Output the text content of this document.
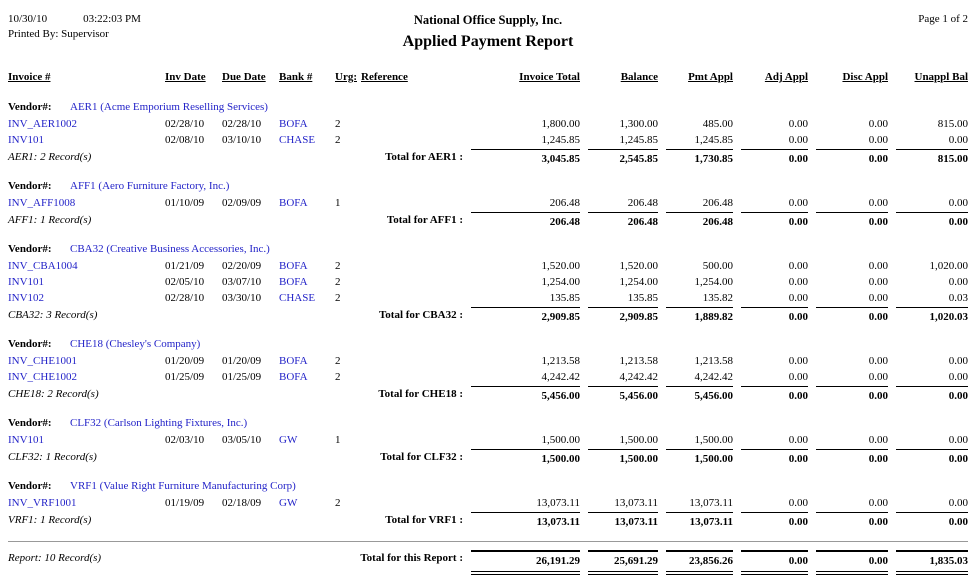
10/30/10	03:22:03 PM
Printed By: Supervisor
National Office Supply, Inc.
Applied Payment Report
Page 1 of 2
Invoice #	Inv Date	Due Date	Bank #	Urg: Reference	Invoice Total	Balance	Pmt Appl	Adj Appl	Disc Appl	Unappl Bal
Vendor#: AER1 (Acme Emporium Reselling Services)
INV_AER1002	02/28/10	02/28/10	BOFA	2	1,800.00	1,300.00	485.00	0.00	0.00	815.00
INV101	02/08/10	03/10/10	CHASE	2	1,245.85	1,245.85	1,245.85	0.00	0.00	0.00
AER1: 2 Record(s)	Total for AER1 :	3,045.85	2,545.85	1,730.85	0.00	0.00	815.00
Vendor#: AFF1 (Aero Furniture Factory, Inc.)
INV_AFF1008	01/10/09	02/09/09	BOFA	1	206.48	206.48	206.48	0.00	0.00	0.00
AFF1: 1 Record(s)	Total for AFF1 :	206.48	206.48	206.48	0.00	0.00	0.00
Vendor#: CBA32 (Creative Business Accessories, Inc.)
INV_CBA1004	01/21/09	02/20/09	BOFA	2	1,520.00	1,520.00	500.00	0.00	0.00	1,020.00
INV101	02/05/10	03/07/10	BOFA	2	1,254.00	1,254.00	1,254.00	0.00	0.00	0.00
INV102	02/28/10	03/30/10	CHASE	2	135.85	135.85	135.82	0.00	0.00	0.03
CBA32: 3 Record(s)	Total for CBA32 :	2,909.85	2,909.85	1,889.82	0.00	0.00	1,020.03
Vendor#: CHE18 (Chesley's Company)
INV_CHE1001	01/20/09	01/20/09	BOFA	2	1,213.58	1,213.58	1,213.58	0.00	0.00	0.00
INV_CHE1002	01/25/09	01/25/09	BOFA	2	4,242.42	4,242.42	4,242.42	0.00	0.00	0.00
CHE18: 2 Record(s)	Total for CHE18 :	5,456.00	5,456.00	5,456.00	0.00	0.00	0.00
Vendor#: CLF32 (Carlson Lighting Fixtures, Inc.)
INV101	02/03/10	03/05/10	GW	1	1,500.00	1,500.00	1,500.00	0.00	0.00	0.00
CLF32: 1 Record(s)	Total for CLF32 :	1,500.00	1,500.00	1,500.00	0.00	0.00	0.00
Vendor#: VRF1 (Value Right Furniture Manufacturing Corp)
INV_VRF1001	01/19/09	02/18/09	GW	2	13,073.11	13,073.11	13,073.11	0.00	0.00	0.00
VRF1: 1 Record(s)	Total for VRF1 :	13,073.11	13,073.11	13,073.11	0.00	0.00	0.00
Report: 10 Record(s)	Total for this Report :	26,191.29	25,691.29	23,856.26	0.00	0.00	1,835.03
